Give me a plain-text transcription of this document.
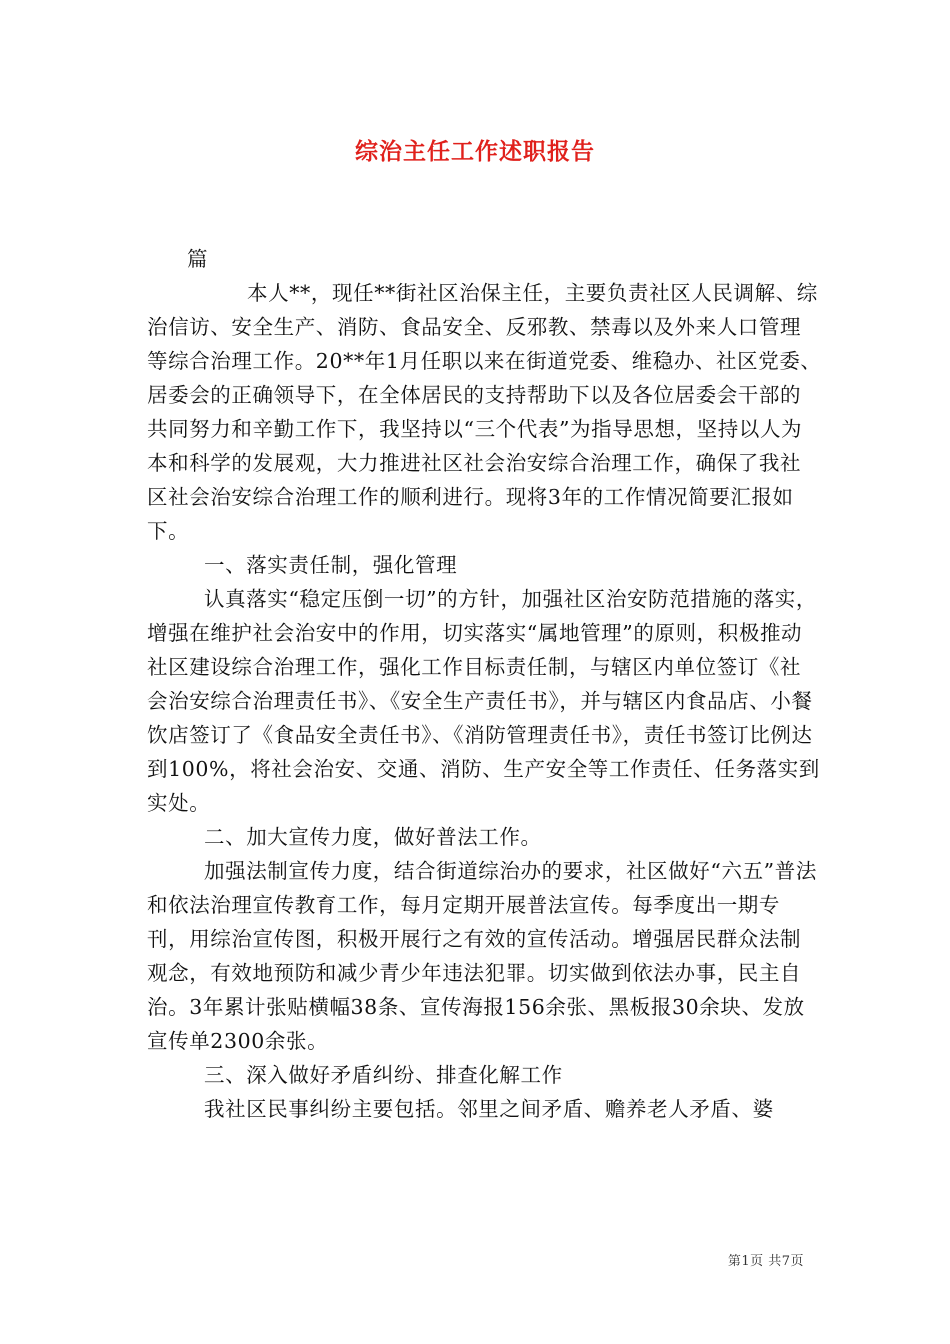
综治主任工作述职报告
篇

本人**，现任**街社区治保主任，主要负责社区人民调解、综治信访、安全生产、消防、食品安全、反邪教、禁毒以及外来人口管理等综合治理工作。20**年1月任职以来在街道党委、维稳办、社区党委、居委会的正确领导下，在全体居民的支持帮助下以及各位居委会干部的共同努力和辛勤工作下，我坚持以“三个代表”为指导思想，坚持以人为本和科学的发展观，大力推进社区社会治安综合治理工作，确保了我社区社会治安综合治理工作的顺利进行。现将3年的工作情况简要汇报如下。

一、落实责任制，强化管理

认真落实“稳定压倒一切”的方针，加强社区治安防范措施的落实，增强在维护社会治安中的作用，切实落实“属地管理”的原则，积极推动社区建设综合治理工作，强化工作目标责任制，与辖区内单位签订《社会治安综合治理责任书》、《安全生产责任书》，并与辖区内食品店、小餐饮店签订了《食品安全责任书》、《消防管理责任书》，责任书签订比例达到100%，将社会治安、交通、消防、生产安全等工作责任、任务落实到实处。

二、加大宣传力度，做好普法工作。

加强法制宣传力度，结合街道综治办的要求，社区做好“六五”普法和依法治理宣传教育工作，每月定期开展普法宣传。每季度出一期专刊，用综治宣传图，积极开展行之有效的宣传活动。增强居民群众法制观念，有效地预防和减少青少年违法犯罪。切实做到依法办事，民主自治。3年累计张贴横幅38条、宣传海报156余张、黑板报30余块、发放宣传单2300余张。

三、深入做好矛盾纠纷、排查化解工作

我社区民事纠纷主要包括。邻里之间矛盾、赡养老人矛盾、婆

第1页 共7页
